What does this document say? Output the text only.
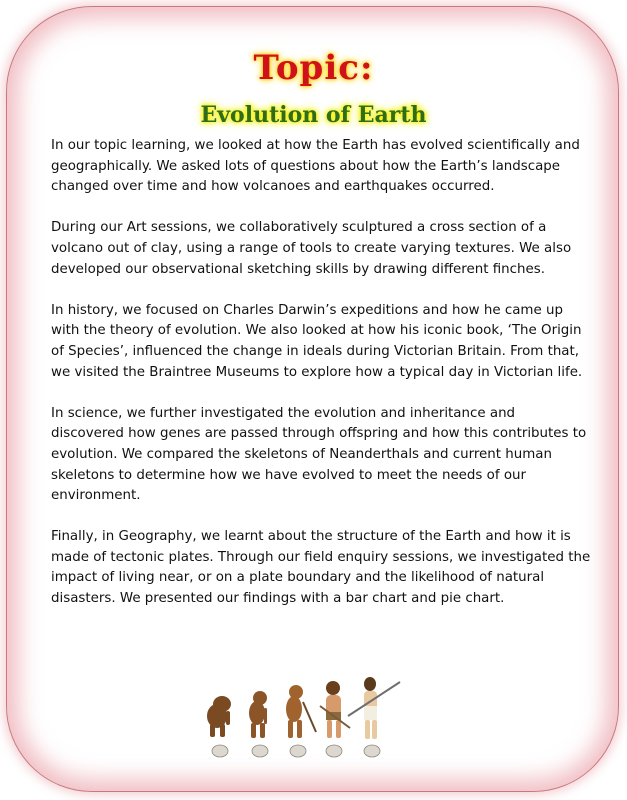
Topic:
Evolution of Earth

In our topic learning, we looked at how the Earth has evolved scientifically and geographically. We asked lots of questions about how the Earth’s landscape changed over time and how volcanoes and earthquakes occurred.

During our Art sessions, we collaboratively sculptured a cross section of a volcano out of clay, using a range of tools to create varying textures. We also developed our observational sketching skills by drawing different finches.

In history, we focused on Charles Darwin’s expeditions and how he came up with the theory of evolution. We also looked at how his iconic book, ‘The Origin of Species’, influenced the change in ideals during Victorian Britain. From that, we visited the Braintree Museums to explore how a typical day in Victorian life.

In science, we further investigated the evolution and inheritance and discovered how genes are passed through offspring and how this contributes to evolution. We compared the skeletons of Neanderthals and current human skeletons to determine how we have evolved to meet the needs of our environment.

Finally, in Geography, we learnt about the structure of the Earth and how it is made of tectonic plates. Through our field enquiry sessions, we investigated the impact of living near, or on a plate boundary and the likelihood of natural disasters. We presented our findings with a bar chart and pie chart.
